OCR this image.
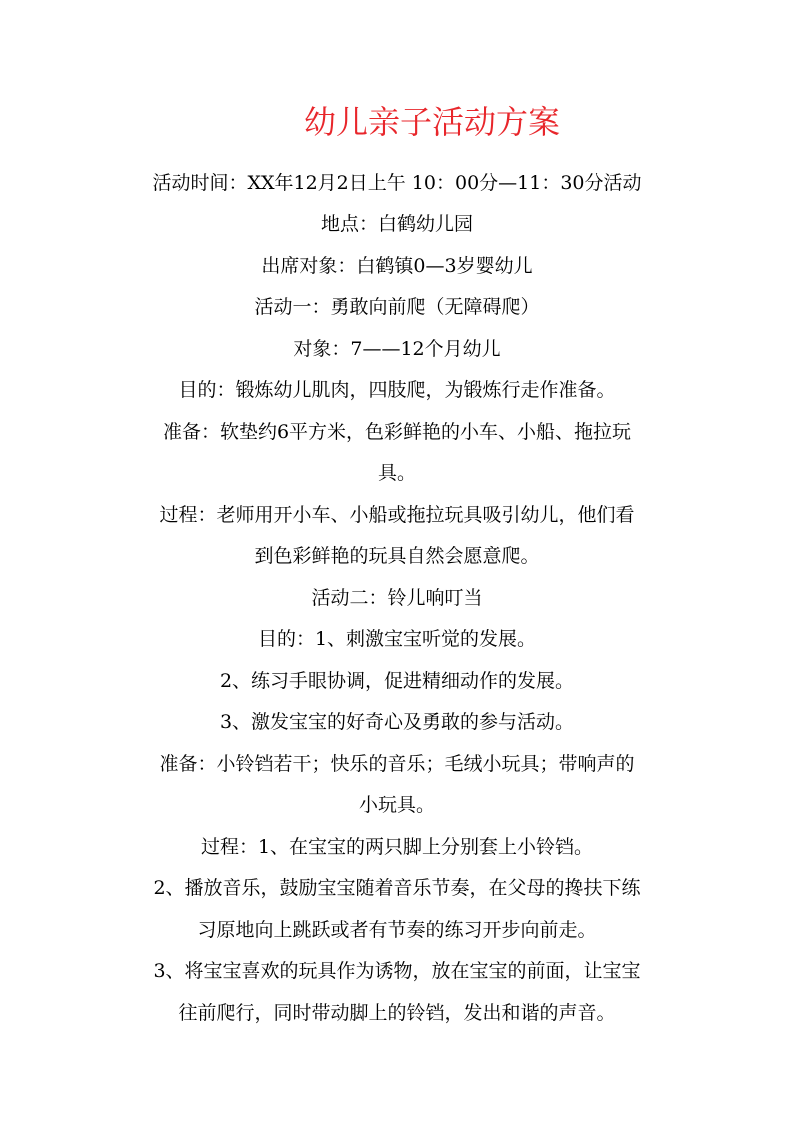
幼儿亲子活动方案

活动时间：XX年12月2日上午 10：00分—11：30分活动

地点：白鹤幼儿园

出席对象：白鹤镇0—3岁婴幼儿

活动一：勇敢向前爬（无障碍爬）

对象：7——12个月幼儿

目的：锻炼幼儿肌肉，四肢爬，为锻炼行走作准备。

准备：软垫约6平方米，色彩鲜艳的小车、小船、拖拉玩

具。

过程：老师用开小车、小船或拖拉玩具吸引幼儿，他们看

到色彩鲜艳的玩具自然会愿意爬。

活动二：铃儿响叮当

目的：1、刺激宝宝听觉的发展。

2、练习手眼协调，促进精细动作的发展。

3、激发宝宝的好奇心及勇敢的参与活动。

准备：小铃铛若干；快乐的音乐；毛绒小玩具；带响声的

小玩具。

过程：1、在宝宝的两只脚上分别套上小铃铛。

2、播放音乐，鼓励宝宝随着音乐节奏，在父母的搀扶下练

习原地向上跳跃或者有节奏的练习开步向前走。

3、将宝宝喜欢的玩具作为诱物，放在宝宝的前面，让宝宝

往前爬行，同时带动脚上的铃铛，发出和谐的声音。
